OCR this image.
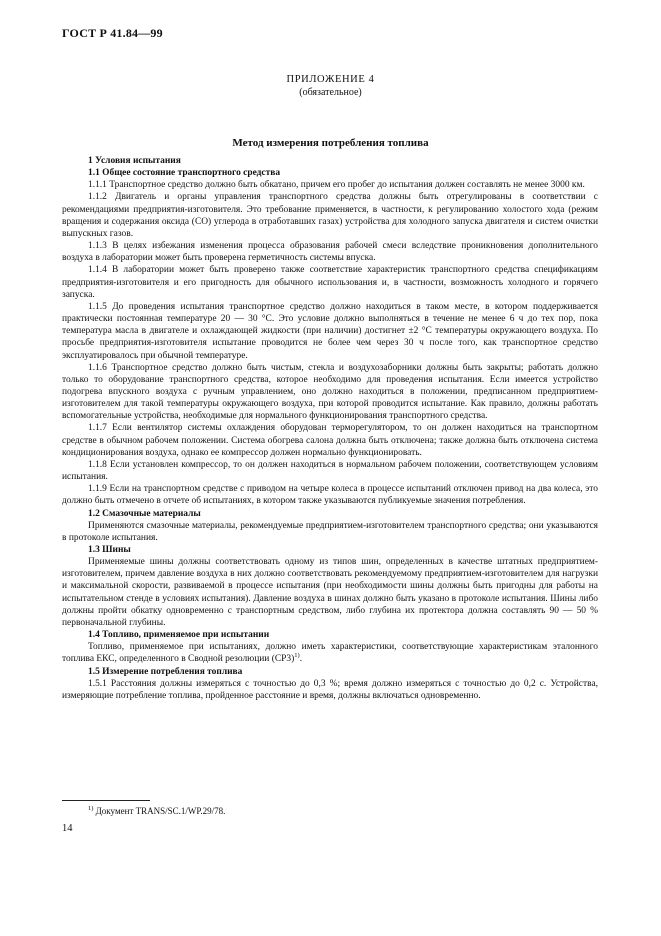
ГОСТ Р 41.84—99
ПРИЛОЖЕНИЕ 4
(обязательное)
Метод измерения потребления топлива

1 Условия испытания

1.1 Общее состояние транспортного средства

1.1.1 Транспортное средство должно быть обкатано, причем его пробег до испытания должен составлять не менее 3000 км.

1.1.2 Двигатель и органы управления транспортного средства должны быть отрегулированы в соответствии с рекомендациями предприятия-изготовителя. Это требование применяется, в частности, к регулированию холостого хода (режим вращения и содержания оксида (СО) углерода в отработавших газах) устройства для холодного запуска двигателя и систем очистки выпускных газов.

1.1.3 В целях избежания изменения процесса образования рабочей смеси вследствие проникновения дополнительного воздуха в лаборатории может быть проверена герметичность системы впуска.

1.1.4 В лаборатории может быть проверено также соответствие характеристик транспортного средства спецификациям предприятия-изготовителя и его пригодность для обычного использования и, в частности, возможность холодного и горячего запуска.

1.1.5 До проведения испытания транспортное средство должно находиться в таком месте, в котором поддерживается практически постоянная температуре 20 — 30 °С. Это условие должно выполняться в течение не менее 6 ч до тех пор, пока температура масла в двигателе и охлаждающей жидкости (при наличии) достигнет ±2 °С температуры окружающего воздуха. По просьбе предприятия-изготовителя испытание проводится не более чем через 30 ч после того, как транспортное средство эксплуатировалось при обычной температуре.

1.1.6 Транспортное средство должно быть чистым, стекла и воздухозаборники должны быть закрыты; работать должно только то оборудование транспортного средства, которое необходимо для проведения испытания. Если имеется устройство подогрева впускного воздуха с ручным управлением, оно должно находиться в положении, предписанном предприятием-изготовителем для такой температуры окружающего воздуха, при которой проводится испытание. Как правило, должны работать вспомогательные устройства, необходимые для нормального функционирования транспортного средства.

1.1.7 Если вентилятор системы охлаждения оборудован терморегулятором, то он должен находиться на транспортном средстве в обычном рабочем положении. Система обогрева салона должна быть отключена; также должна быть отключена система кондиционирования воздуха, однако ее компрессор должен нормально функционировать.

1.1.8 Если установлен компрессор, то он должен находиться в нормальном рабочем положении, соответствующем условиям испытания.

1.1.9 Если на транспортном средстве с приводом на четыре колеса в процессе испытаний отключен привод на два колеса, это должно быть отмечено в отчете об испытаниях, в котором также указываются публикуемые значения потребления.

1.2 Смазочные материалы

Применяются смазочные материалы, рекомендуемые предприятием-изготовителем транспортного средства; они указываются в протоколе испытания.

1.3 Шины

Применяемые шины должны соответствовать одному из типов шин, определенных в качестве штатных предприятием-изготовителем, причем давление воздуха в них должно соответствовать рекомендуемому предприятием-изготовителем для нагрузки и максимальной скорости, развиваемой в процессе испытания (при необходимости шины должны быть пригодны для работы на испытательном стенде в условиях испытания). Давление воздуха в шинах должно быть указано в протоколе испытания. Шины либо должны пройти обкатку одновременно с транспортным средством, либо глубина их протектора должна составлять 90 — 50 % первоначальной глубины.

1.4 Топливо, применяемое при испытании

Топливо, применяемое при испытаниях, должно иметь характеристики, соответствующие характеристикам эталонного топлива ЕКС, определенного в Сводной резолюции $(СР3)^{1)}$.

1.5 Измерение потребления топлива

1.5.1 Расстояния должны измеряться с точностью до 0,3 %; время должно измеряться с точностью до 0,2 с. Устройства, измеряющие потребление топлива, пройденное расстояние и время, должны включаться одновременно.

$^{1)}$ Документ TRANS/SC.1/WP.29/78.
14
